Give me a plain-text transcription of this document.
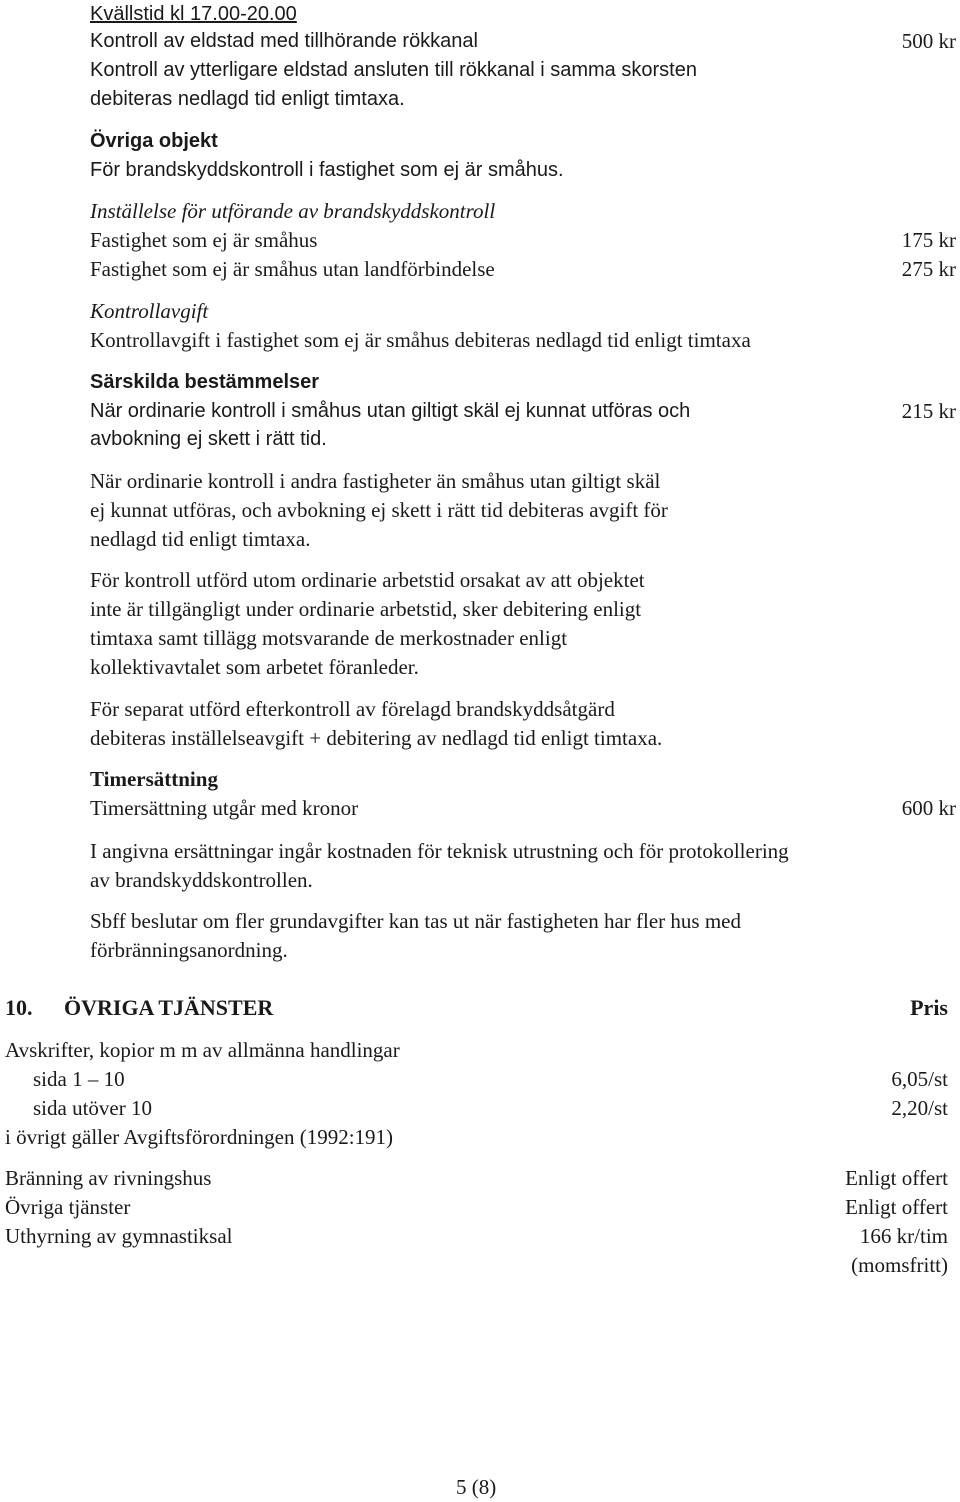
Kvällstid kl 17.00-20.00
Kontroll av eldstad med tillhörande rökkanal	500 kr
Kontroll av ytterligare eldstad ansluten till rökkanal i samma skorsten
debiteras nedlagd tid enligt timtaxa.
Övriga objekt
För brandskyddskontroll i fastighet som ej är småhus.
Inställelse för utförande av brandskyddskontroll
Fastighet som ej är småhus	175 kr
Fastighet som ej är småhus utan landförbindelse	275 kr
Kontrollavgift
Kontrollavgift i fastighet som ej är småhus debiteras nedlagd tid enligt timtaxa
Särskilda bestämmelser
När ordinarie kontroll i småhus utan giltigt skäl ej kunnat utföras och	215 kr
avbokning ej skett i rätt tid.
När ordinarie kontroll i andra fastigheter än småhus utan giltigt skäl
ej kunnat utföras, och avbokning ej skett i rätt tid debiteras avgift för
nedlagd tid enligt timtaxa.
För kontroll utförd utom ordinarie arbetstid orsakat av att objektet
inte är tillgängligt under ordinarie arbetstid, sker debitering enligt
timtaxa samt tillägg motsvarande de merkostnader enligt
kollektivavtalet som arbetet föranleder.
För separat utförd efterkontroll av förelagd brandskyddsåtgärd
debiteras inställelseavgift + debitering av nedlagd tid enligt timtaxa.
Timersättning
Timersättning utgår med kronor	600 kr
I angivna ersättningar ingår kostnaden för teknisk utrustning och för protokollering
av brandskyddskontrollen.
Sbff beslutar om fler grundavgifter kan tas ut när fastigheten har fler hus med
förbränningsanordning.
10. ÖVRIGA TJÄNSTER	Pris
Avskrifter, kopior m m av allmänna handlingar
sida 1 – 10	6,05/st
sida utöver 10	2,20/st
i övrigt gäller Avgiftsförordningen (1992:191)
Bränning av rivningshus	Enligt offert
Övriga tjänster	Enligt offert
Uthyrning av gymnastiksal	166 kr/tim
(momsfritt)
5 (8)
